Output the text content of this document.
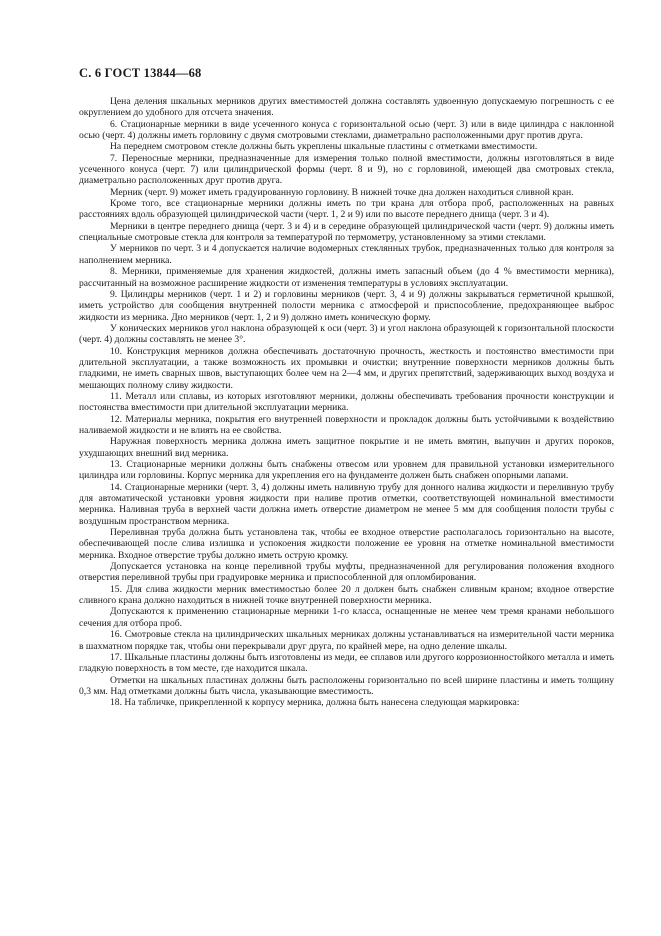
С. 6 ГОСТ 13844—68

Цена деления шкальных мерников других вместимостей должна составлять удвоенную допускаемую погрешность с ее округлением до удобного для отсчета значения.

6. Стационарные мерники в виде усеченного конуса с горизонтальной осью (черт. 3) или в виде цилиндра с наклонной осью (черт. 4) должны иметь горловину с двумя смотровыми стеклами, диаметрально расположенными друг против друга.

На переднем смотровом стекле должны быть укреплены шкальные пластины с отметками вместимости.

7. Переносные мерники, предназначенные для измерения только полной вместимости, должны изготовляться в виде усеченного конуса (черт. 7) или цилиндрической формы (черт. 8 и 9), но с горловиной, имеющей два смотровых стекла, диаметрально расположенных друг против друга.

Мерник (черт. 9) может иметь градуированную горловину. В нижней точке дна должен находиться сливной кран.

Кроме того, все стационарные мерники должны иметь по три крана для отбора проб, расположенных на равных расстояниях вдоль образующей цилиндрической части (черт. 1, 2 и 9) или по высоте переднего днища (черт. 3 и 4).

Мерники в центре переднего днища (черт. 3 и 4) и в середине образующей цилиндрической части (черт. 9) должны иметь специальные смотровые стекла для контроля за температурой по термометру, установленному за этими стеклами.

У мерников по черт. 3 и 4 допускается наличие водомерных стеклянных трубок, предназначенных только для контроля за наполнением мерника.

8. Мерники, применяемые для хранения жидкостей, должны иметь запасный объем (до 4 % вместимости мерника), рассчитанный на возможное расширение жидкости от изменения температуры в условиях эксплуатации.

9. Цилиндры мерников (черт. 1 и 2) и горловины мерников (черт. 3, 4 и 9) должны закрываться герметичной крышкой, иметь устройство для сообщения внутренней полости мерника с атмосферой и приспособление, предохраняющее выброс жидкости из мерника. Дно мерников (черт. 1, 2 и 9) должно иметь коническую форму.

У конических мерников угол наклона образующей к оси (черт. 3) и угол наклона образующей к горизонтальной плоскости (черт. 4) должны составлять не менее 3°.

10. Конструкция мерников должна обеспечивать достаточную прочность, жесткость и постоянство вместимости при длительной эксплуатации, а также возможность их промывки и очистки; внутренние поверхности мерников должны быть гладкими, не иметь сварных швов, выступающих более чем на 2—4 мм, и других препятствий, задерживающих выход воздуха и мешающих полному сливу жидкости.

11. Металл или сплавы, из которых изготовляют мерники, должны обеспечивать требования прочности конструкции и постоянства вместимости при длительной эксплуатации мерника.

12. Материалы мерника, покрытия его внутренней поверхности и прокладок должны быть устойчивыми к воздействию наливаемой жидкости и не влиять на ее свойства.

Наружная поверхность мерника должна иметь защитное покрытие и не иметь вмятин, выпучин и других пороков, ухудшающих внешний вид мерника.

13. Стационарные мерники должны быть снабжены отвесом или уровнем для правильной установки измерительного цилиндра или горловины. Корпус мерника для укрепления его на фундаменте должен быть снабжен опорными лапами.

14. Стационарные мерники (черт. 3, 4) должны иметь наливную трубу для донного налива жидкости и переливную трубу для автоматической установки уровня жидкости при наливе против отметки, соответствующей номинальной вместимости мерника. Наливная труба в верхней части должна иметь отверстие диаметром не менее 5 мм для сообщения полости трубы с воздушным пространством мерника.

Переливная труба должна быть установлена так, чтобы ее входное отверстие располагалось горизонтально на высоте, обеспечивающей после слива излишка и успокоения жидкости положение ее уровня на отметке номинальной вместимости мерника. Входное отверстие трубы должно иметь острую кромку.

Допускается установка на конце переливной трубы муфты, предназначенной для регулирования положения входного отверстия переливной трубы при градуировке мерника и приспособленной для опломбирования.

15. Для слива жидкости мерник вместимостью более 20 л должен быть снабжен сливным краном; входное отверстие сливного крана должно находиться в нижней точке внутренней поверхности мерника.

Допускаются к применению стационарные мерники 1-го класса, оснащенные не менее чем тремя кранами небольшого сечения для отбора проб.

16. Смотровые стекла на цилиндрических шкальных мерниках должны устанавливаться на измерительной части мерника в шахматном порядке так, чтобы они перекрывали друг друга, по крайней мере, на одно деление шкалы.

17. Шкальные пластины должны быть изготовлены из меди, ее сплавов или другого коррозионностойкого металла и иметь гладкую поверхность в том месте, где находится шкала.

Отметки на шкальных пластинах должны быть расположены горизонтально по всей ширине пластины и иметь толщину 0,3 мм. Над отметками должны быть числа, указывающие вместимость.

18. На табличке, прикрепленной к корпусу мерника, должна быть нанесена следующая маркировка:
